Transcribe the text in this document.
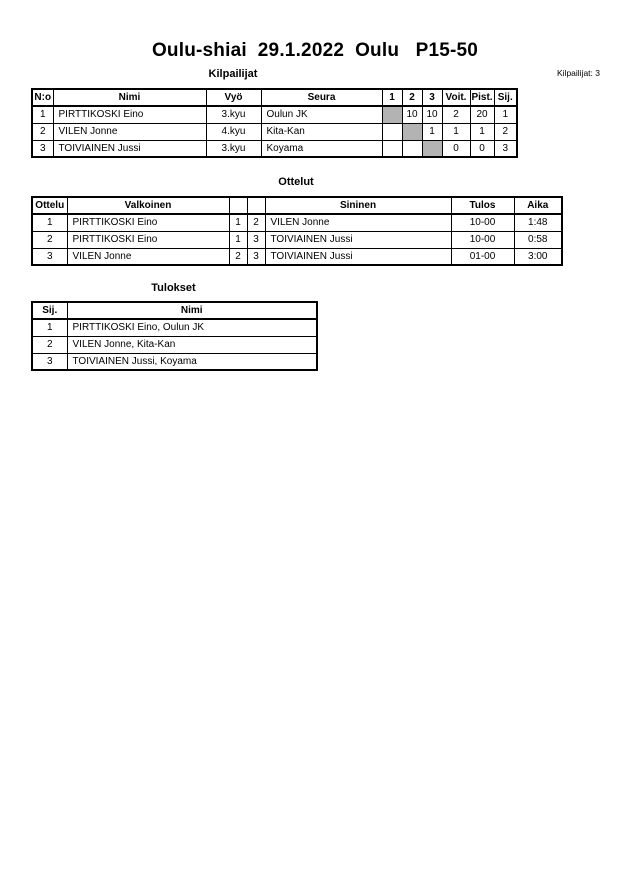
Oulu-shiai  29.1.2022  Oulu   P15-50
Kilpailijat: 3
Kilpailijat
N:o	Nimi	Vyö	Seura	1	2	3	Voit.	Pist.	Sij.
1	PIRTTIKOSKI Eino	3.kyu	Oulun JK		10	10	2	20	1
2	VILEN Jonne	4.kyu	Kita-Kan			1	1	1	2
3	TOIVIAINEN Jussi	3.kyu	Koyama				0	0	3
Ottelut
Ottelu	Valkoinen			Sininen	Tulos	Aika
1	PIRTTIKOSKI Eino	1	2	VILEN Jonne	10-00	1:48
2	PIRTTIKOSKI Eino	1	3	TOIVIAINEN Jussi	10-00	0:58
3	VILEN Jonne	2	3	TOIVIAINEN Jussi	01-00	3:00
Tulokset
Sij.	Nimi
1	PIRTTIKOSKI Eino, Oulun JK
2	VILEN Jonne, Kita-Kan
3	TOIVIAINEN Jussi, Koyama
